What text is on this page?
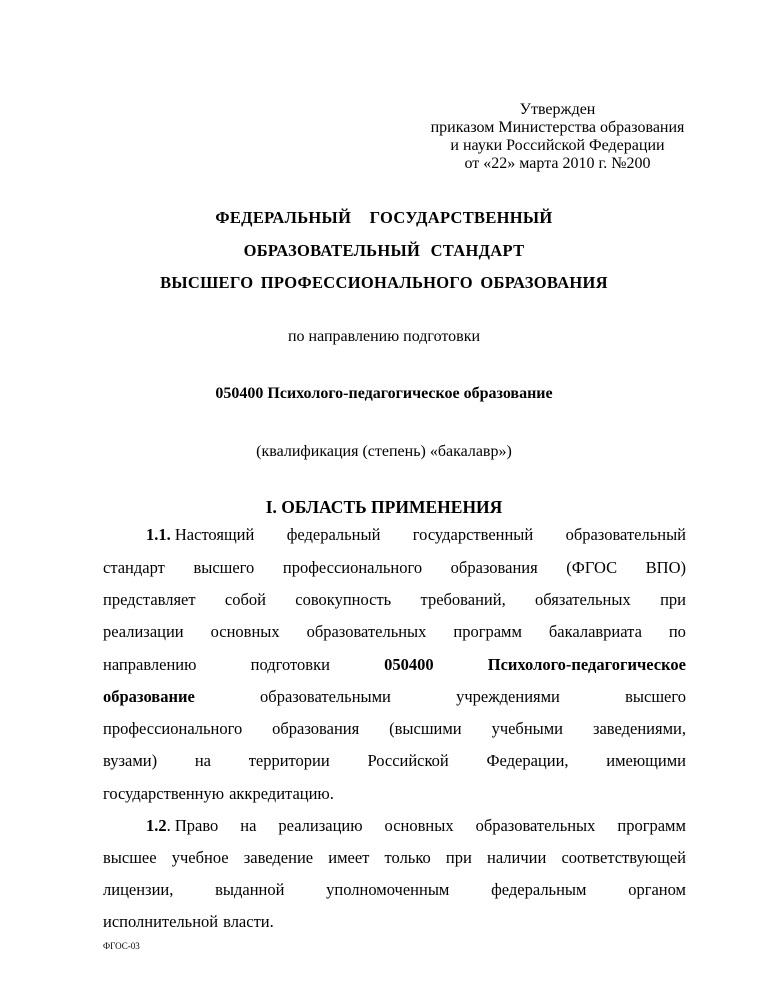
Утвержден
приказом Министерства образования
и науки Российской Федерации
от «22» марта 2010 г. №200
ФЕДЕРАЛЬНЫЙ ГОСУДАРСТВЕННЫЙ
ОБРАЗОВАТЕЛЬНЫЙ СТАНДАРТ
ВЫСШЕГО ПРОФЕССИОНАЛЬНОГО ОБРАЗОВАНИЯ
по направлению подготовки
050400 Психолого-педагогическое образование
(квалификация (степень) «бакалавр»)
I. ОБЛАСТЬ ПРИМЕНЕНИЯ
1.1. Настоящий федеральный государственный образовательный
стандарт высшего профессионального образования (ФГОС ВПО)
представляет собой совокупность требований, обязательных при
реализации основных образовательных программ бакалавриата по
направлению	подготовки	050400	Психолого-педагогическое
образование	образовательными	учреждениями	высшего
профессионального образования (высшими учебными заведениями,
вузами) на территории Российской Федерации, имеющими
государственную аккредитацию.
1.2. Право на реализацию основных образовательных программ
высшее учебное заведение имеет только при наличии соответствующей
лицензии,	выданной	уполномоченным	федеральным	органом
исполнительной власти.
ФГОС-03
